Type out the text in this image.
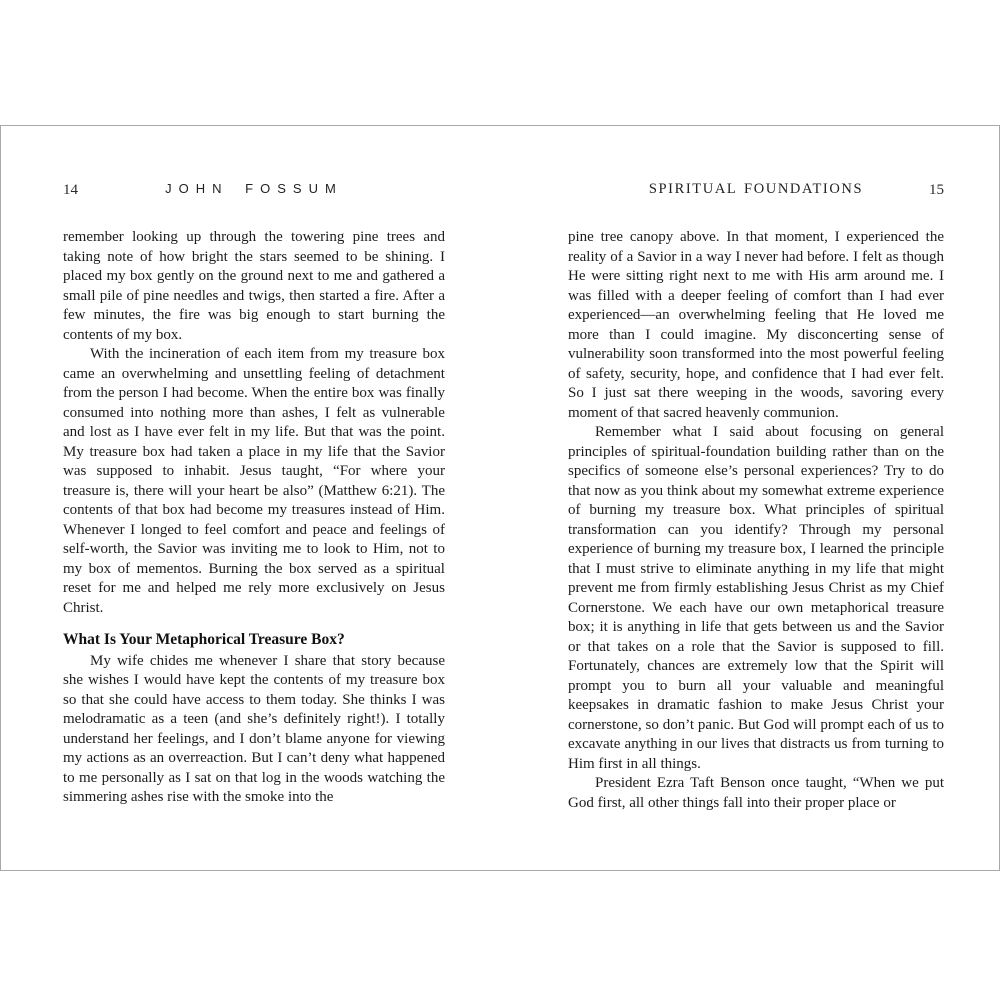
14	JOHN FOSSUM

remember looking up through the towering pine trees and taking note of how bright the stars seemed to be shining. I placed my box gently on the ground next to me and gathered a small pile of pine needles and twigs, then started a fire. After a few minutes, the fire was big enough to start burning the contents of my box.

With the incineration of each item from my treasure box came an overwhelming and unsettling feeling of detachment from the person I had become. When the entire box was finally consumed into nothing more than ashes, I felt as vulnerable and lost as I have ever felt in my life. But that was the point. My treasure box had taken a place in my life that the Savior was supposed to inhabit. Jesus taught, “For where your treasure is, there will your heart be also” (Matthew 6:21). The contents of that box had become my treasures instead of Him. Whenever I longed to feel comfort and peace and feelings of self-worth, the Savior was inviting me to look to Him, not to my box of mementos. Burning the box served as a spiritual reset for me and helped me rely more exclusively on Jesus Christ.

What Is Your Metaphorical Treasure Box?

My wife chides me whenever I share that story because she wishes I would have kept the contents of my treasure box so that she could have access to them today. She thinks I was melodramatic as a teen (and she’s definitely right!). I totally understand her feelings, and I don’t blame anyone for viewing my actions as an overreaction. But I can’t deny what happened to me personally as I sat on that log in the woods watching the simmering ashes rise with the smoke into the

SPIRITUAL FOUNDATIONS	15

pine tree canopy above. In that moment, I experienced the reality of a Savior in a way I never had before. I felt as though He were sitting right next to me with His arm around me. I was filled with a deeper feeling of comfort than I had ever experienced—an overwhelming feeling that He loved me more than I could imagine. My disconcerting sense of vulnerability soon transformed into the most powerful feeling of safety, security, hope, and confidence that I had ever felt. So I just sat there weeping in the woods, savoring every moment of that sacred heavenly communion.

Remember what I said about focusing on general principles of spiritual-foundation building rather than on the specifics of someone else’s personal experiences? Try to do that now as you think about my somewhat extreme experience of burning my treasure box. What principles of spiritual transformation can you identify? Through my personal experience of burning my treasure box, I learned the principle that I must strive to eliminate anything in my life that might prevent me from firmly establishing Jesus Christ as my Chief Cornerstone. We each have our own metaphorical treasure box; it is anything in life that gets between us and the Savior or that takes on a role that the Savior is supposed to fill. Fortunately, chances are extremely low that the Spirit will prompt you to burn all your valuable and meaningful keepsakes in dramatic fashion to make Jesus Christ your cornerstone, so don’t panic. But God will prompt each of us to excavate anything in our lives that distracts us from turning to Him first in all things.

President Ezra Taft Benson once taught, “When we put God first, all other things fall into their proper place or
